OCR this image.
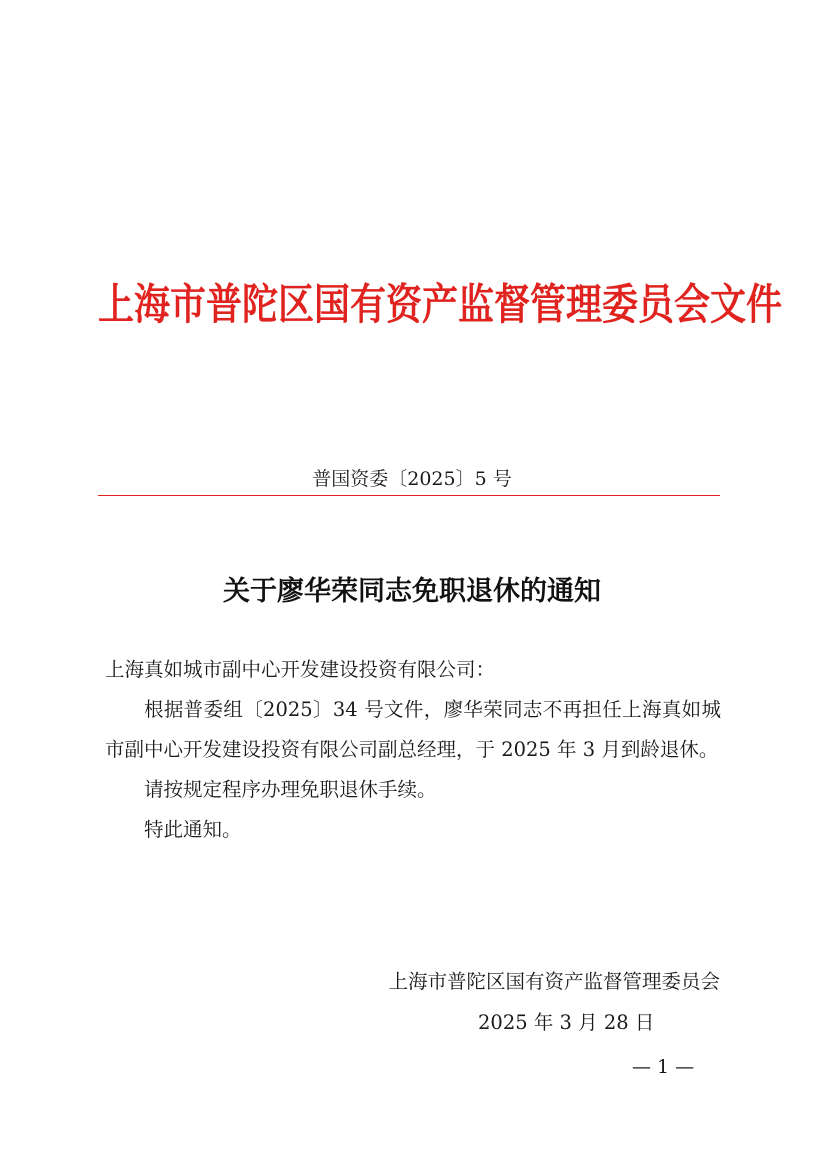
上海市普陀区国有资产监督管理委员会文件
普国资委〔2025〕5 号
关于廖华荣同志免职退休的通知

上海真如城市副中心开发建设投资有限公司：

根据普委组〔2025〕34 号文件，廖华荣同志不再担任上海真如城市副中心开发建设投资有限公司副总经理，于 2025 年 3 月到龄退休。

请按规定程序办理免职退休手续。

特此通知。

上海市普陀区国有资产监督管理委员会
2025 年 3 月 28 日
— 1 —
